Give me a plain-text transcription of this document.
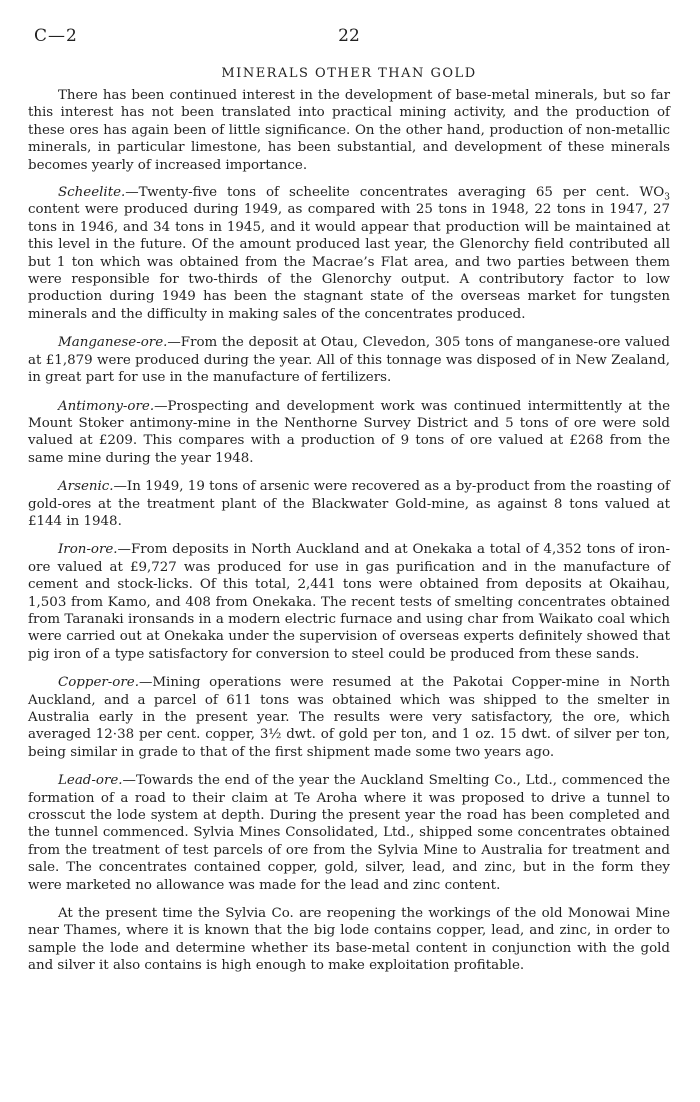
C—2	22
MINERALS OTHER THAN GOLD

There has been continued interest in the development of base-metal minerals, but so far this interest has not been translated into practical mining activity, and the production of these ores has again been of little significance. On the other hand, production of non-metallic minerals, in particular limestone, has been substantial, and development of these minerals becomes yearly of increased importance.

Scheelite.—Twenty-five tons of scheelite concentrates averaging 65 per cent. $WO_3$ content were produced during 1949, as compared with 25 tons in 1948, 22 tons in 1947, 27 tons in 1946, and 34 tons in 1945, and it would appear that production will be maintained at this level in the future. Of the amount produced last year, the Glenorchy field contributed all but 1 ton which was obtained from the Macrae’s Flat area, and two parties between them were responsible for two-thirds of the Glenorchy output. A contributory factor to low production during 1949 has been the stagnant state of the overseas market for tungsten minerals and the difficulty in making sales of the concentrates produced.

Manganese-ore.—From the deposit at Otau, Clevedon, 305 tons of manganese-ore valued at £1,879 were produced during the year. All of this tonnage was disposed of in New Zealand, in great part for use in the manufacture of fertilizers.

Antimony-ore.—Prospecting and development work was continued intermittently at the Mount Stoker antimony-mine in the Nenthorne Survey District and 5 tons of ore were sold valued at £209. This compares with a production of 9 tons of ore valued at £268 from the same mine during the year 1948.

Arsenic.—In 1949, 19 tons of arsenic were recovered as a by-product from the roasting of gold-ores at the treatment plant of the Blackwater Gold-mine, as against 8 tons valued at £144 in 1948.

Iron-ore.—From deposits in North Auckland and at Onekaka a total of 4,352 tons of iron-ore valued at £9,727 was produced for use in gas purification and in the manufacture of cement and stock-licks. Of this total, 2,441 tons were obtained from deposits at Okaihau, 1,503 from Kamo, and 408 from Onekaka. The recent tests of smelting concentrates obtained from Taranaki ironsands in a modern electric furnace and using char from Waikato coal which were carried out at Onekaka under the supervision of overseas experts definitely showed that pig iron of a type satisfactory for conversion to steel could be produced from these sands.

Copper-ore.—Mining operations were resumed at the Pakotai Copper-mine in North Auckland, and a parcel of 611 tons was obtained which was shipped to the smelter in Australia early in the present year. The results were very satisfactory, the ore, which averaged 12·38 per cent. copper, 3½ dwt. of gold per ton, and 1 oz. 15 dwt. of silver per ton, being similar in grade to that of the first shipment made some two years ago.

Lead-ore.—Towards the end of the year the Auckland Smelting Co., Ltd., commenced the formation of a road to their claim at Te Aroha where it was proposed to drive a tunnel to crosscut the lode system at depth. During the present year the road has been completed and the tunnel commenced. Sylvia Mines Consolidated, Ltd., shipped some concentrates obtained from the treatment of test parcels of ore from the Sylvia Mine to Australia for treatment and sale. The concentrates contained copper, gold, silver, lead, and zinc, but in the form they were marketed no allowance was made for the lead and zinc content.

At the present time the Sylvia Co. are reopening the workings of the old Monowai Mine near Thames, where it is known that the big lode contains copper, lead, and zinc, in order to sample the lode and determine whether its base-metal content in conjunction with the gold and silver it also contains is high enough to make exploitation profitable.
